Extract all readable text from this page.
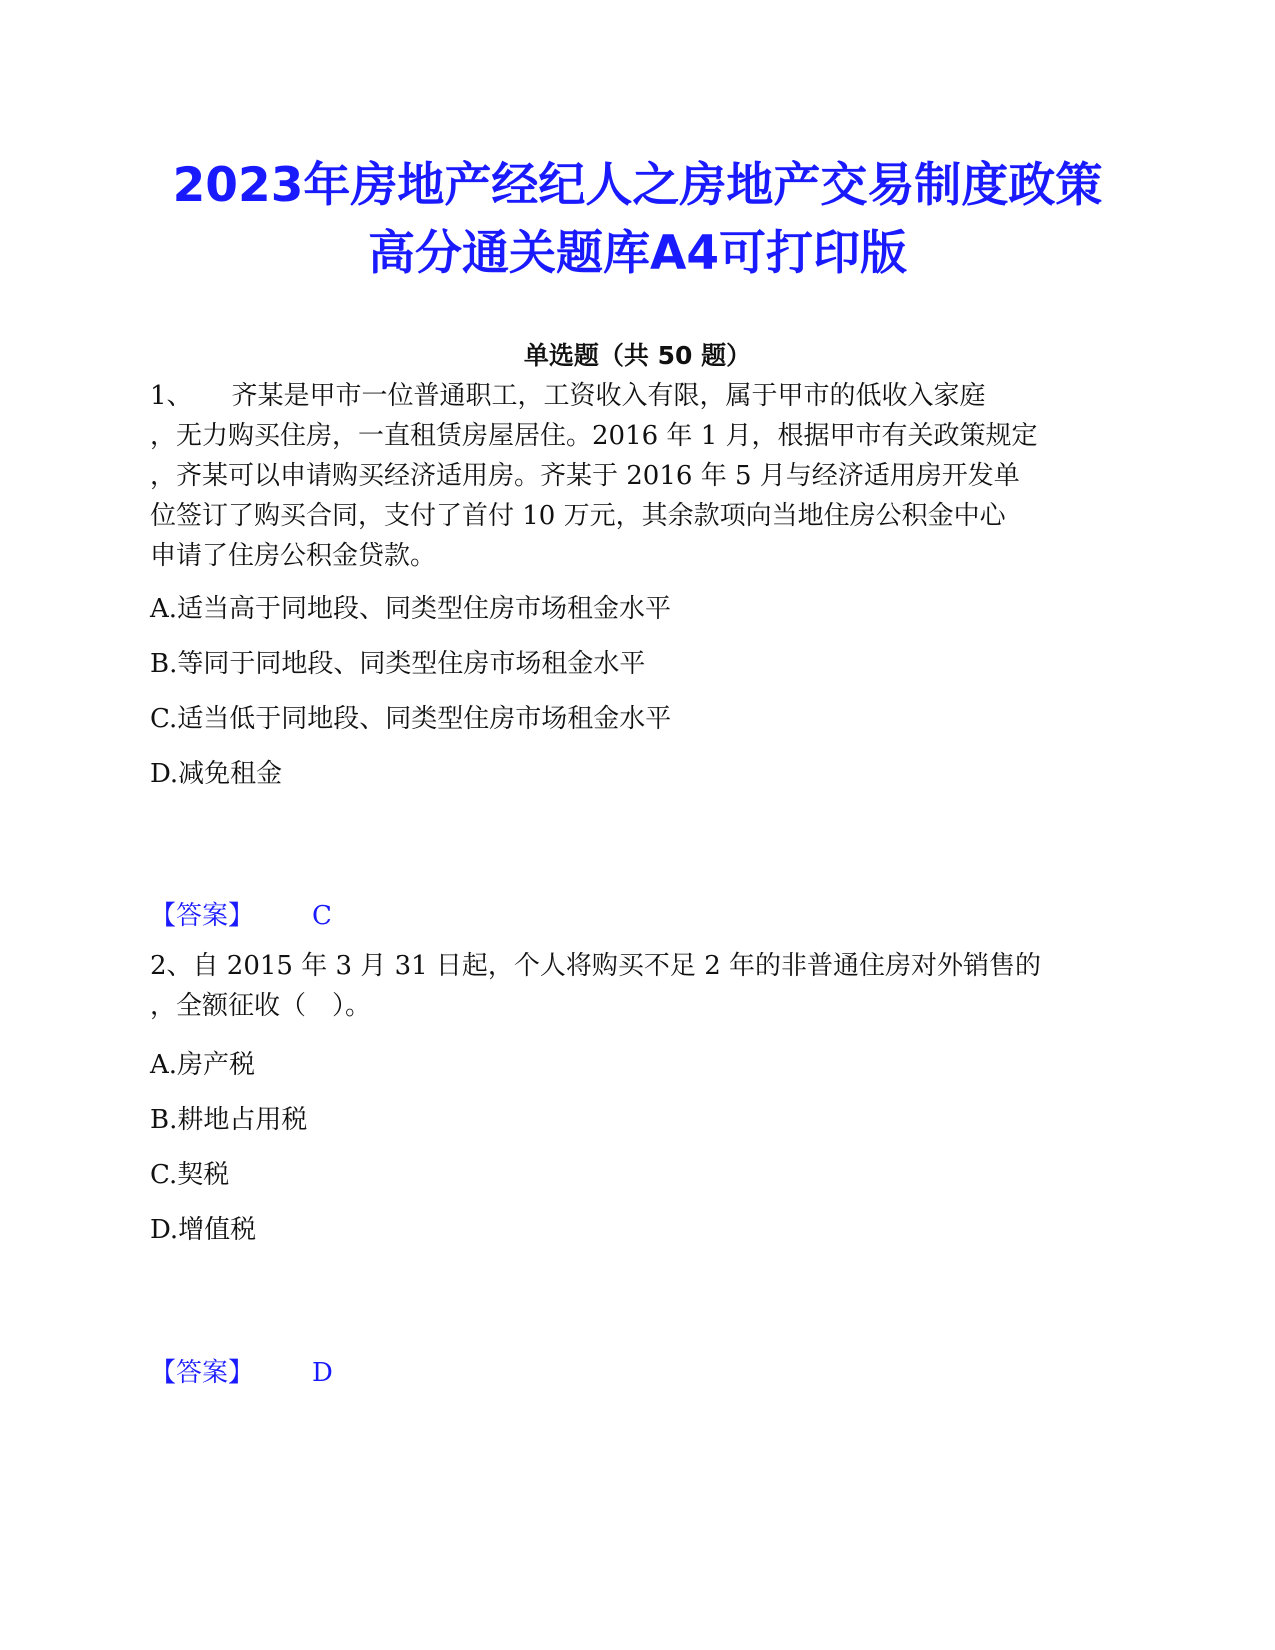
2023年房地产经纪人之房地产交易制度政策
高分通关题库A4可打印版
单选题（共 50 题）
1、　　齐某是甲市一位普通职工，工资收入有限，属于甲市的低收入家庭
，无力购买住房，一直租赁房屋居住。2016 年 1 月，根据甲市有关政策规定
，齐某可以申请购买经济适用房。齐某于 2016 年 5 月与经济适用房开发单
位签订了购买合同，支付了首付 10 万元，其余款项向当地住房公积金中心
申请了住房公积金贷款。
A.适当高于同地段、同类型住房市场租金水平
B.等同于同地段、同类型住房市场租金水平
C.适当低于同地段、同类型住房市场租金水平
D.减免租金
【答案】 C
2、自 2015 年 3 月 31 日起，个人将购买不足 2 年的非普通住房对外销售的
，全额征收（　）。
A.房产税
B.耕地占用税
C.契税
D.增值税
【答案】 D
